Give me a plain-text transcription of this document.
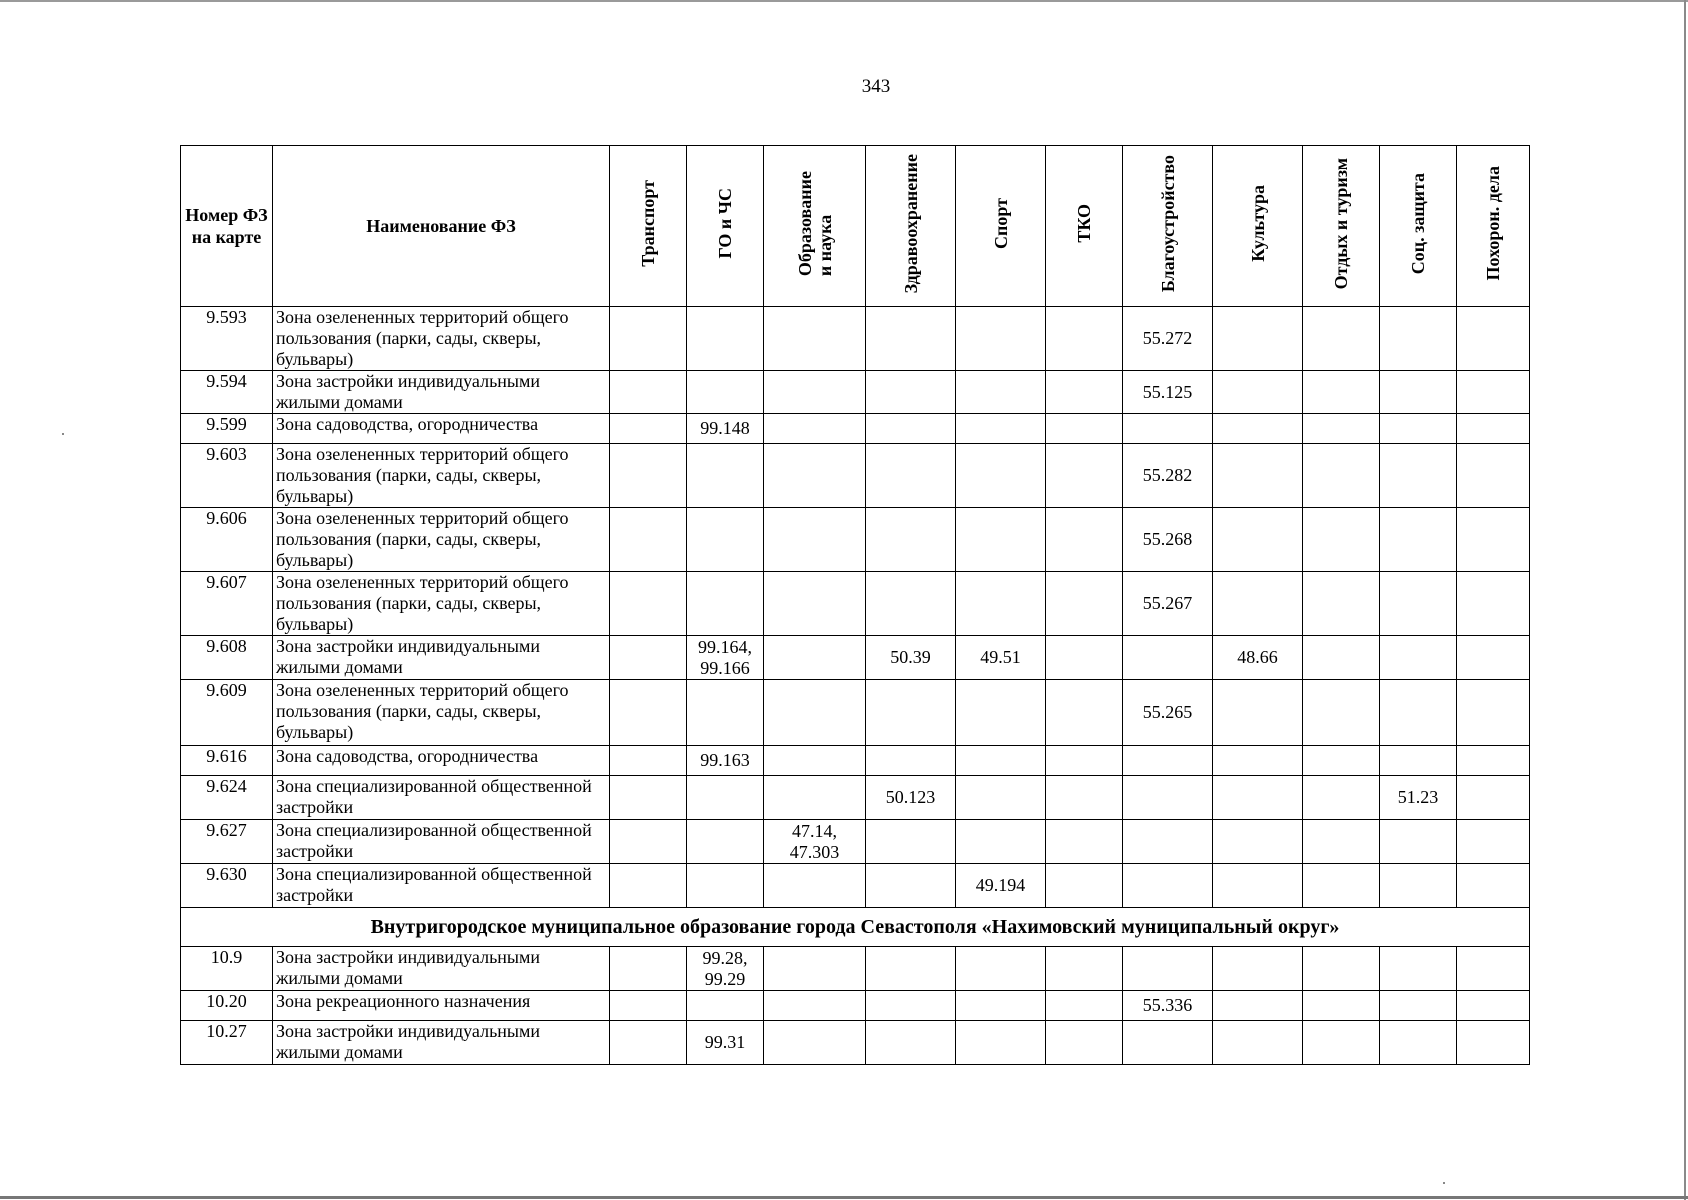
343
Номер ФЗ на карте	Наименование ФЗ	Транспорт	ГО и ЧС	Образование
и наука	Здравоохранение	Спорт	ТКО	Благоустройство	Культура	Отдых и туризм	Соц. защита	Похорон. дела
9.593	Зона озелененных территорий общего пользования (парки, сады, скверы, бульвары)							55.272				
9.594	Зона застройки индивидуальными жилыми домами							55.125				
9.599	Зона садоводства, огородничества		99.148									
9.603	Зона озелененных территорий общего пользования (парки, сады, скверы, бульвары)							55.282				
9.606	Зона озелененных территорий общего пользования (парки, сады, скверы, бульвары)							55.268				
9.607	Зона озелененных территорий общего пользования (парки, сады, скверы, бульвары)							55.267				
9.608	Зона застройки индивидуальными жилыми домами		99.164,
99.166		50.39	49.51			48.66			
9.609	Зона озелененных территорий общего пользования (парки, сады, скверы, бульвары)							55.265				
9.616	Зона садоводства, огородничества		99.163									
9.624	Зона специализированной общественной застройки				50.123						51.23	
9.627	Зона специализированной общественной застройки			47.14,
47.303								
9.630	Зона специализированной общественной застройки					49.194						
Внутригородское муниципальное образование города Севастополя «Нахимовский муниципальный округ»												
10.9	Зона застройки индивидуальными жилыми домами		99.28,
99.29									
10.20	Зона рекреационного назначения							55.336				
10.27	Зона застройки индивидуальными жилыми домами		99.31									
